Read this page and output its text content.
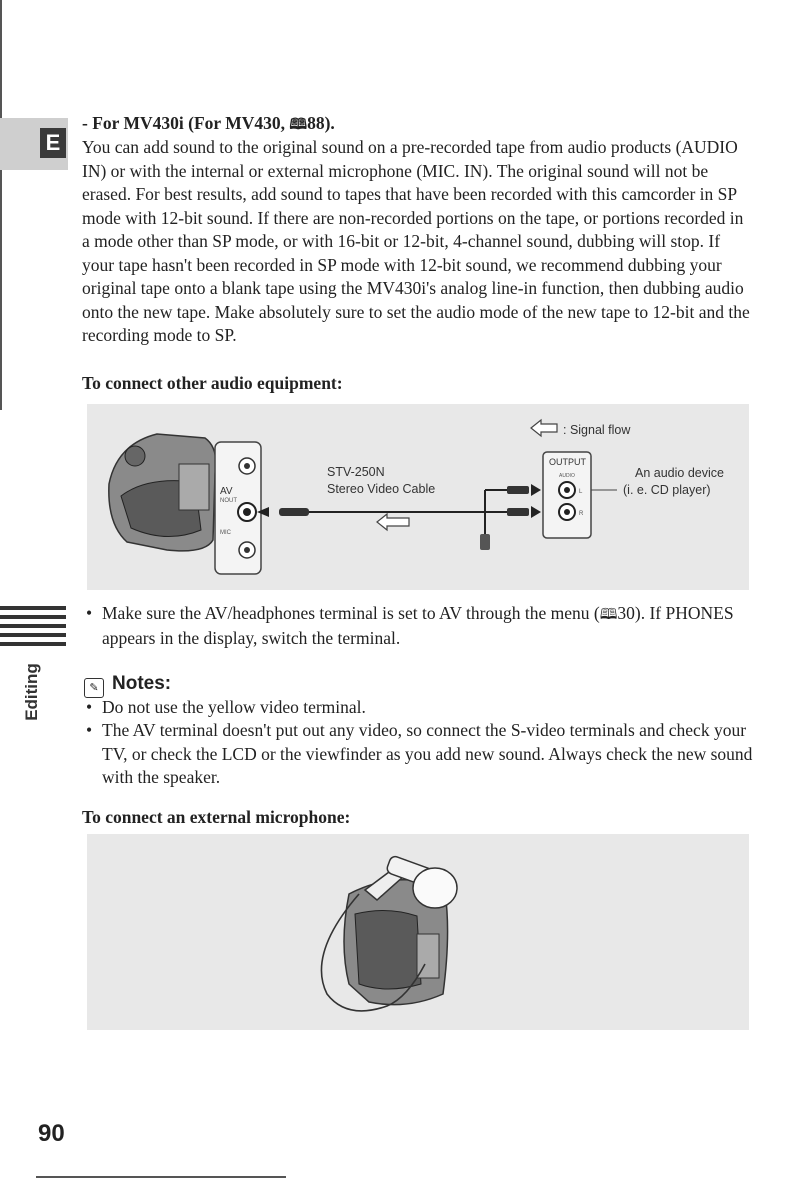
E
Editing
- For MV430i (For MV430, 🕮88).
You can add sound to the original sound on a pre-recorded tape from audio products (AUDIO IN) or with the internal or external microphone (MIC. IN). The original sound will not be erased. For best results, add sound to tapes that have been recorded with this camcorder in SP mode with 12-bit sound. If there are non-recorded portions on the tape, or portions recorded in a mode other than SP mode, or with 16-bit or 12-bit, 4-channel sound, dubbing will stop. If your tape hasn't been recorded in SP mode with 12-bit sound, we recommend dubbing your original tape onto a blank tape using the MV430i's analog line-in function, then dubbing audio onto the new tape. Make absolutely sure to set the audio mode of the new tape to 12-bit and the recording mode to SP.
To connect other audio equipment:
AV
NOUT
MIC
: Signal flow
STV-250N
Stereo Video Cable
OUTPUT
AUDIO
L
R
An audio device
(i. e. CD player)
• Make sure the AV/headphones terminal is set to AV through the menu (🕮30). If PHONES appears in the display, switch the terminal.
✎ Notes:
• Do not use the yellow video terminal.
• The AV terminal doesn't put out any video, so connect the S-video terminals and check your TV, or check the LCD or the viewfinder as you add new sound. Always check the new sound with the speaker.
To connect an external microphone:
90
